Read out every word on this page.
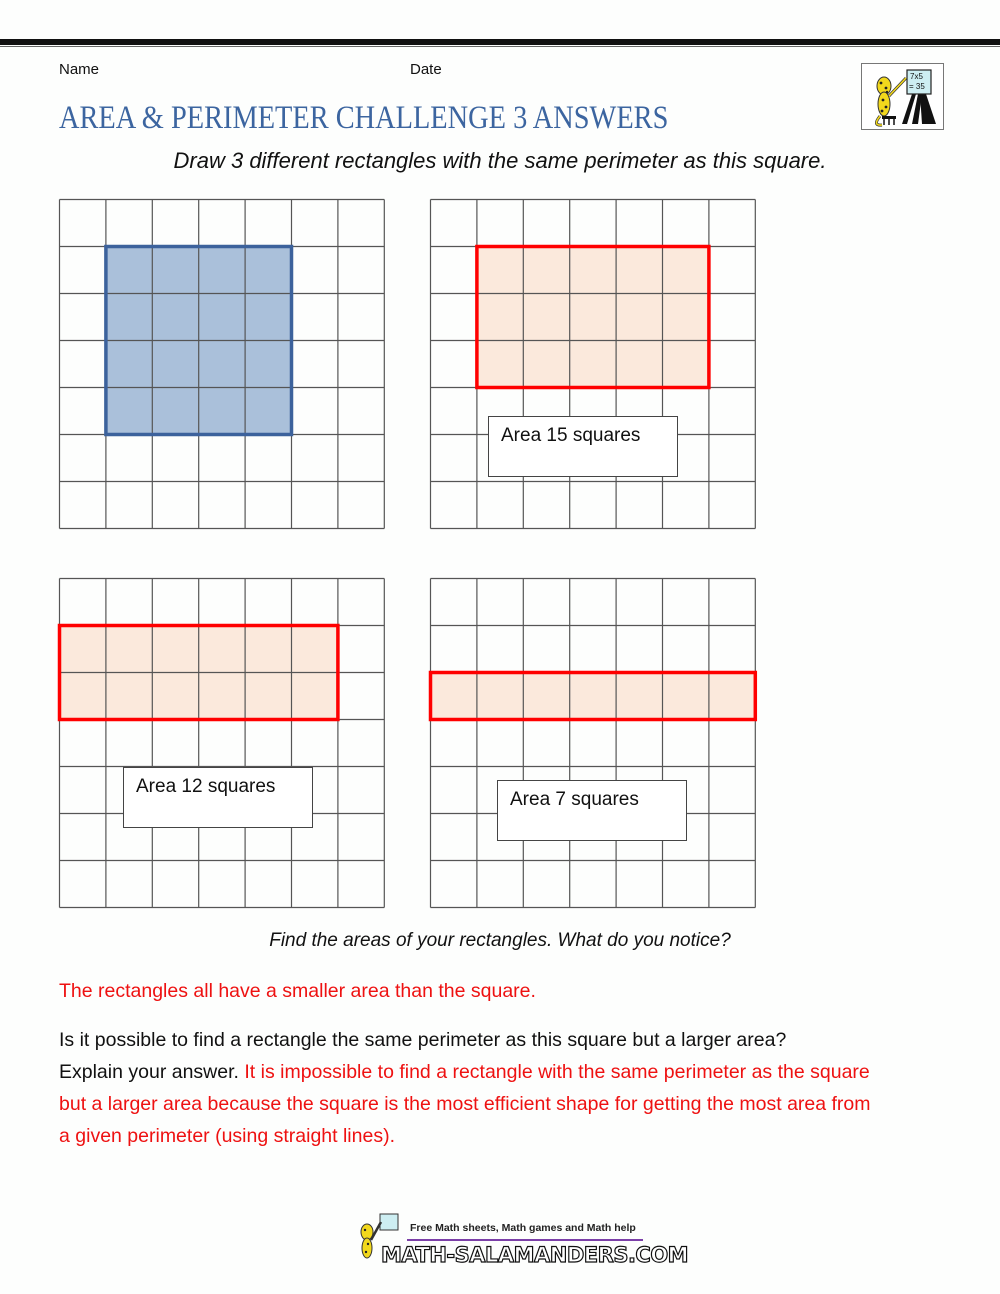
Name	Date
AREA & PERIMETER CHALLENGE 3 ANSWERS
7x5
= 35
Draw 3 different rectangles with the same perimeter as this square.
Area 15 squares
Area 12 squares
Area 7 squares
Find the areas of your rectangles. What do you notice?
The rectangles all have a smaller area than the square.
Is it possible to find a rectangle the same perimeter as this square but a larger area?
Explain your answer. It is impossible to find a rectangle with the same perimeter as the square
but a larger area because the square is the most efficient shape for getting the most area from
a given perimeter (using straight lines).
Free Math sheets, Math games and Math help
MATH-SALAMANDERS.COM
